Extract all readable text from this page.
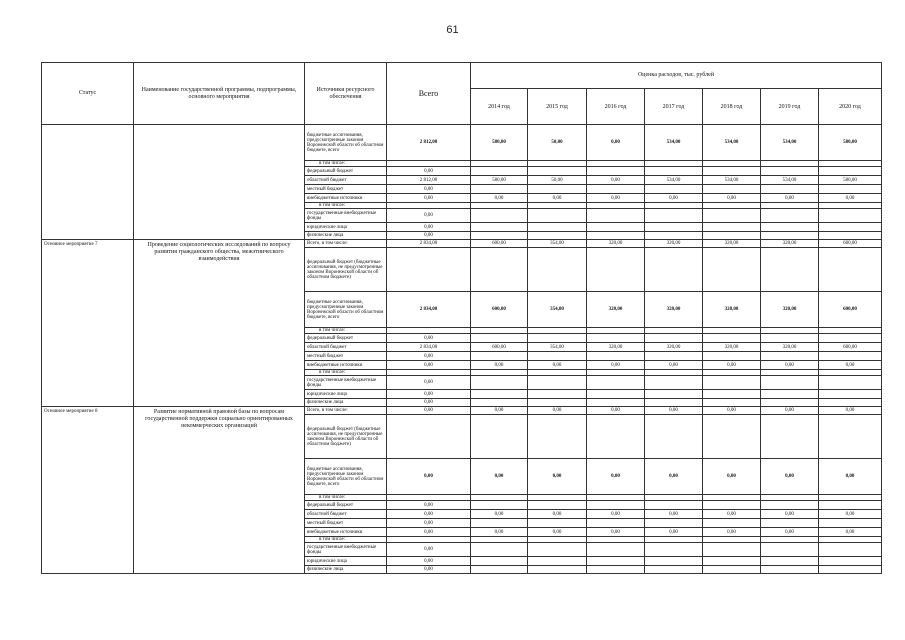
61
Статус	Наименование государственной программы, подпрограммы, основного мероприятия	Источники ресурсного обеспечения	Всего	Оценка расходов, тыс. рублей						
				2014 год	2015 год	2016 год	2017 год	2018 год	2019 год	2020 год
		бюджетные ассигнования, предусмотренные законом Воронежской области об областном бюджете, всего	2 812,00	580,00	50,00	0,00	534,00	534,00	534,00	580,00
		в том числе:								
		федеральный бюджет	0,00							
		областной бюджет	2 812,00	580,00	50,00	0,00	534,00	534,00	534,00	580,00
		местный бюджет	0,00							
		внебюджетные источники	0,00	0,00	0,00	0,00	0,00	0,00	0,00	0,00
		в том числе:								
		государственные внебюджетные фонды	0,00							
		юридические лица	0,00							
		физические лица	0,00							
Основное мероприятие 7	Проведение социологических исследований по вопросу развития гражданского общества, межэтнического взаимодействия	Всего, в том числе:	2 834,00	600,00	354,00	320,00	320,00	320,00	320,00	600,00
		федеральный бюджет (бюджетные ассигнования, не предусмотренные законом Воронежской области об областном бюджете)								
		бюджетные ассигнования, предусмотренные законом Воронежской области об областном бюджете, всего	2 834,00	600,00	354,00	320,00	320,00	320,00	320,00	600,00
		в том числе:								
		федеральный бюджет	0,00							
		областной бюджет	2 834,00	600,00	354,00	320,00	320,00	320,00	320,00	600,00
		местный бюджет	0,00							
		внебюджетные источники	0,00	0,00	0,00	0,00	0,00	0,00	0,00	0,00
		в том числе:								
		государственные внебюджетные фонды	0,00							
		юридические лица	0,00							
		физические лица	0,00							
Основное мероприятие 8	Развитие нормативной правовой базы по вопросам государственной поддержки социально ориентированных некоммерческих организаций	Всего, в том числе:	0,00	0,00	0,00	0,00	0,00	0,00	0,00	0,00
		федеральный бюджет (бюджетные ассигнования, не предусмотренные законом Воронежской области об областном бюджете)								
		бюджетные ассигнования, предусмотренные законом Воронежской области об областном бюджете, всего	0,00	0,00	0,00	0,00	0,00	0,00	0,00	0,00
		в том числе:								
		федеральный бюджет	0,00							
		областной бюджет	0,00	0,00	0,00	0,00	0,00	0,00	0,00	0,00
		местный бюджет	0,00							
		внебюджетные источники	0,00	0,00	0,00	0,00	0,00	0,00	0,00	0,00
		в том числе:								
		государственные внебюджетные фонды	0,00							
		юридические лица	0,00							
		физические лица	0,00							
